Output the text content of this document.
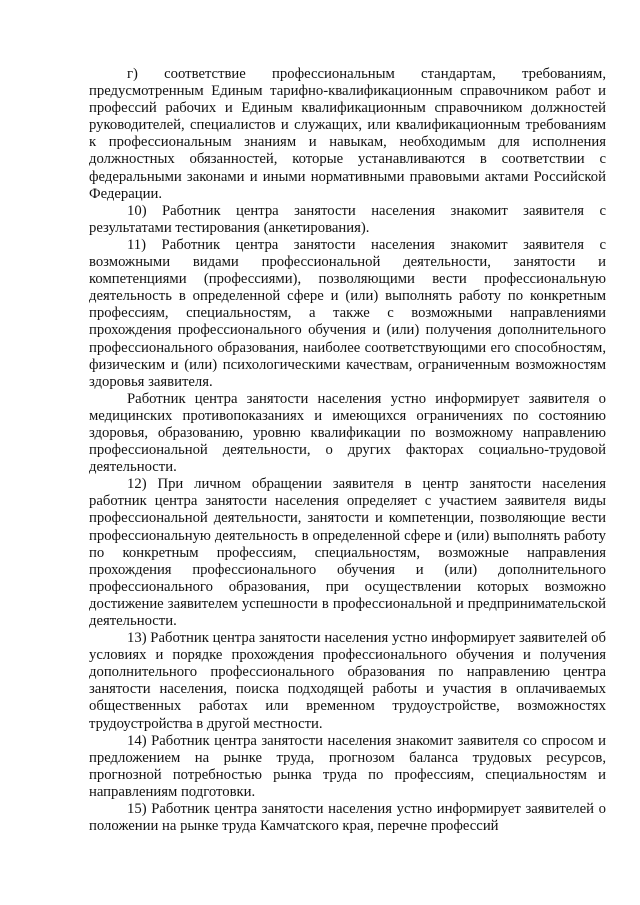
г) соответствие профессиональным стандартам, требованиям, предусмотренным Единым тарифно-квалификационным справочником работ и профессий рабочих и Единым квалификационным справочником должностей руководителей, специалистов и служащих, или квалификационным требованиям к профессиональным знаниям и навыкам, необходимым для исполнения должностных обязанностей, которые устанавливаются в соответствии с федеральными законами и иными нормативными правовыми актами Российской Федерации.

10) Работник центра занятости населения знакомит заявителя с результатами тестирования (анкетирования).

11) Работник центра занятости населения знакомит заявителя с возможными видами профессиональной деятельности, занятости и компетенциями (профессиями), позволяющими вести профессиональную деятельность в определенной сфере и (или) выполнять работу по конкретным профессиям, специальностям, а также с возможными направлениями прохождения профессионального обучения и (или) получения дополнительного профессионального образования, наиболее соответствующими его способностям, физическим и (или) психологическими качествам, ограниченным возможностям здоровья заявителя.

Работник центра занятости населения устно информирует заявителя о медицинских противопоказаниях и имеющихся ограничениях по состоянию здоровья, образованию, уровню квалификации по возможному направлению профессиональной деятельности, о других факторах социально-трудовой деятельности.

12) При личном обращении заявителя в центр занятости населения работник центра занятости населения определяет с участием заявителя виды профессиональной деятельности, занятости и компетенции, позволяющие вести профессиональную деятельность в определенной сфере и (или) выполнять работу по конкретным профессиям, специальностям, возможные направления прохождения профессионального обучения и (или) дополнительного профессионального образования, при осуществлении которых возможно достижение заявителем успешности в профессиональной и предпринимательской деятельности.

13) Работник центра занятости населения устно информирует заявителей об условиях и порядке прохождения профессионального обучения и получения дополнительного профессионального образования по направлению центра занятости населения, поиска подходящей работы и участия в оплачиваемых общественных работах или временном трудоустройстве, возможностях трудоустройства в другой местности.

14) Работник центра занятости населения знакомит заявителя со спросом и предложением на рынке труда, прогнозом баланса трудовых ресурсов, прогнозной потребностью рынка труда по профессиям, специальностям и направлениям подготовки.

15) Работник центра занятости населения устно информирует заявителей о положении на рынке труда Камчатского края, перечне профессий
